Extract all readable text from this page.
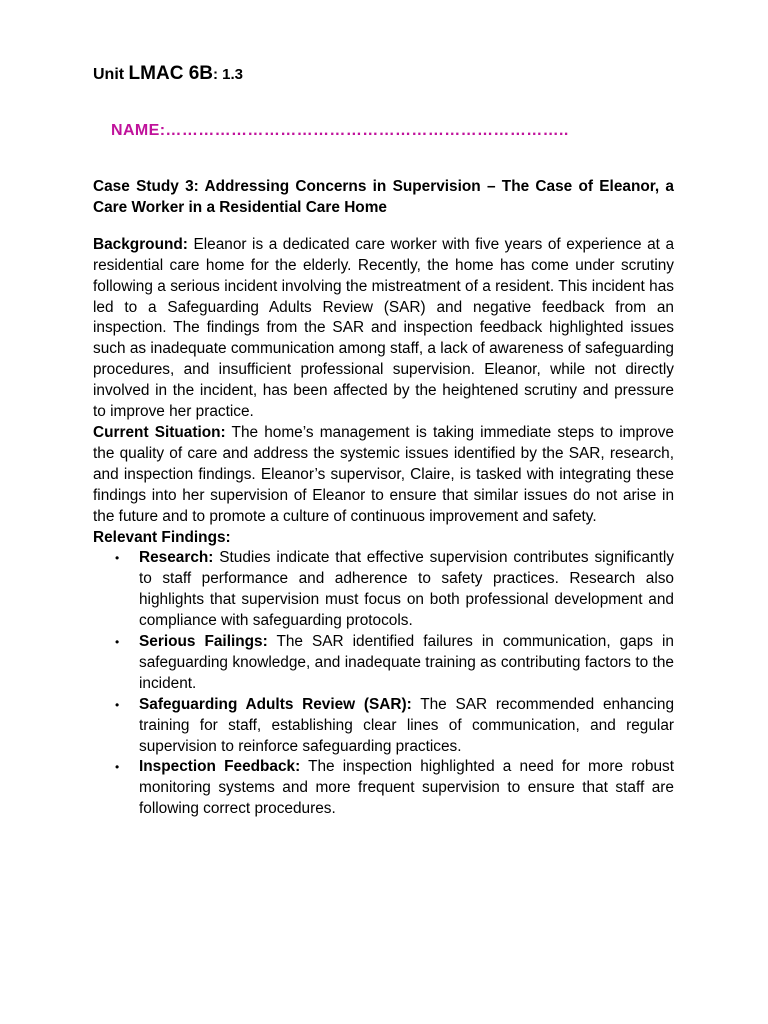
Unit LMAC 6B: 1.3
NAME:………………………………………………………………..

Case Study 3: Addressing Concerns in Supervision – The Case of Eleanor, a Care Worker in a Residential Care Home

Background: Eleanor is a dedicated care worker with five years of experience at a residential care home for the elderly. Recently, the home has come under scrutiny following a serious incident involving the mistreatment of a resident. This incident has led to a Safeguarding Adults Review (SAR) and negative feedback from an inspection. The findings from the SAR and inspection feedback highlighted issues such as inadequate communication among staff, a lack of awareness of safeguarding procedures, and insufficient professional supervision. Eleanor, while not directly involved in the incident, has been affected by the heightened scrutiny and pressure to improve her practice.

Current Situation: The home’s management is taking immediate steps to improve the quality of care and address the systemic issues identified by the SAR, research, and inspection findings. Eleanor’s supervisor, Claire, is tasked with integrating these findings into her supervision of Eleanor to ensure that similar issues do not arise in the future and to promote a culture of continuous improvement and safety.

Relevant Findings:

• Research: Studies indicate that effective supervision contributes significantly to staff performance and adherence to safety practices. Research also highlights that supervision must focus on both professional development and compliance with safeguarding protocols.
• Serious Failings: The SAR identified failures in communication, gaps in safeguarding knowledge, and inadequate training as contributing factors to the incident.
• Safeguarding Adults Review (SAR): The SAR recommended enhancing training for staff, establishing clear lines of communication, and regular supervision to reinforce safeguarding practices.
• Inspection Feedback: The inspection highlighted a need for more robust monitoring systems and more frequent supervision to ensure that staff are following correct procedures.
